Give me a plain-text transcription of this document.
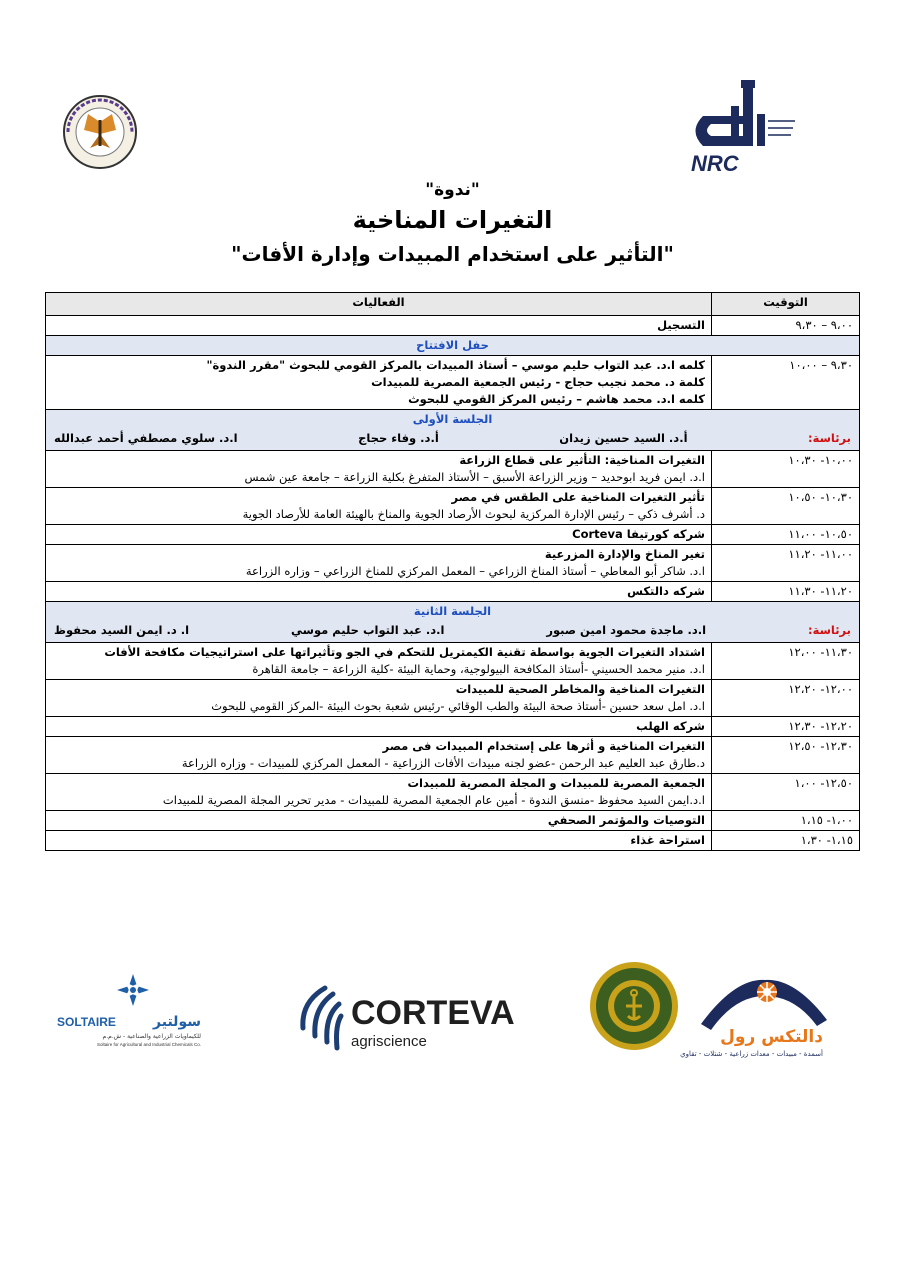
NRC
"ندوة"
التغيرات المناخية
"التأثير على استخدام المبيدات وإدارة الأفات"
التوقيت	الفعاليات
٩،٠٠ – ٩،٣٠	التسجيل

حفل الافتتاح	
٩،٣٠ – ١٠،٠٠	كلمه ا.د. عبد التواب حليم موسي – أستاذ المبيدات بالمركز القومي للبحوث "مقرر الندوة"
كلمة د. محمد نجيب حجاج - رئيس الجمعية المصرية للمبيدات
كلمه ا.د. محمد هاشم – رئيس المركز القومي للبحوث

الجلسة الأولى	

برئاسة:
أ.د. السيد حسين زيدان
أ.د. وفاء حجاج
ا.د. سلوي مصطفي أحمد عبدالله	

١٠،٠٠- ١٠،٣٠	التغيرات المناخية: التأثير على قطاع الزراعة
ا.د. ايمن فريد ابوحديد – وزير الزراعة الأسبق – الأستاذ المتفرغ بكلية الزراعة – جامعة عين شمس

١٠،٣٠- ١٠،٥٠	تأثير التغيرات المناخية على الطقس في مصر
د. أشرف ذكي – رئيس الإدارة المركزية لبحوث الأرصاد الجوية والمناخ بالهيئة العامة للأرصاد الجوية

١٠،٥٠- ١١،٠٠	شركه كورتيفا Corteva

١١،٠٠- ١١،٢٠	تغير المناخ والإدارة المزرعية
ا.د. شاكر أبو المعاطي – أستاذ المناخ الزراعي – المعمل المركزي للمناخ الزراعي – وزاره الزراعة

١١،٢٠- ١١،٣٠	شركه دالتكس

الجلسة الثانية	

برئاسة:
ا.د. ماجدة محمود امين صبور
ا.د. عبد التواب حليم موسي
ا. د. ايمن السيد محفوظ	

١١،٣٠- ١٢،٠٠	اشتداد التغيرات الجوية بواسطة تقنية الكيمتريل للتحكم في الجو وتأثيراتها على استراتيجيات مكافحة الأفات
ا.د. منير محمد الحسيني -أستاذ المكافحة البيولوجية، وحماية البيئة -كلية الزراعة – جامعة القاهرة

١٢،٠٠- ١٢،٢٠	التغيرات المناخية والمخاطر الصحية للمبيدات
ا.د. امل سعد حسين -أستاذ صحة البيئة والطب الوقائي -رئيس شعبة بحوث البيئة -المركز القومي للبحوث

١٢،٢٠- ١٢،٣٠	شركه الهلب

١٢،٣٠- ١٢،٥٠	التغيرات المناخية و أثرها على إستخدام المبيدات فى مصر
د.طارق عبد العليم عبد الرحمن -عضو لجنه مبيدات الأفات الزراعية - المعمل المركزي للمبيدات - وزاره الزراعة

١٢،٥٠- ١،٠٠	الجمعية المصرية للمبيدات و المجلة المصرية للمبيدات
ا.د.ايمن السيد محفوظ -منسق الندوة - أمين عام الجمعية المصرية للمبيدات - مدير تحرير المجلة المصرية للمبيدات

١،٠٠- ١،١٥	التوصيات والمؤتمر الصحفي

١،١٥- ١،٣٠	استراحة غذاء
SOLTAIRE	سولتير
للكيماويات الزراعية والصناعية - ش.م.م
Soltaire for Agricultural and Industrial Chemicals Co.
CORTEVA
agriscience	دالتكس رول
أسمدة - مبيدات - معدات زراعية - شتلات - تقاوي
